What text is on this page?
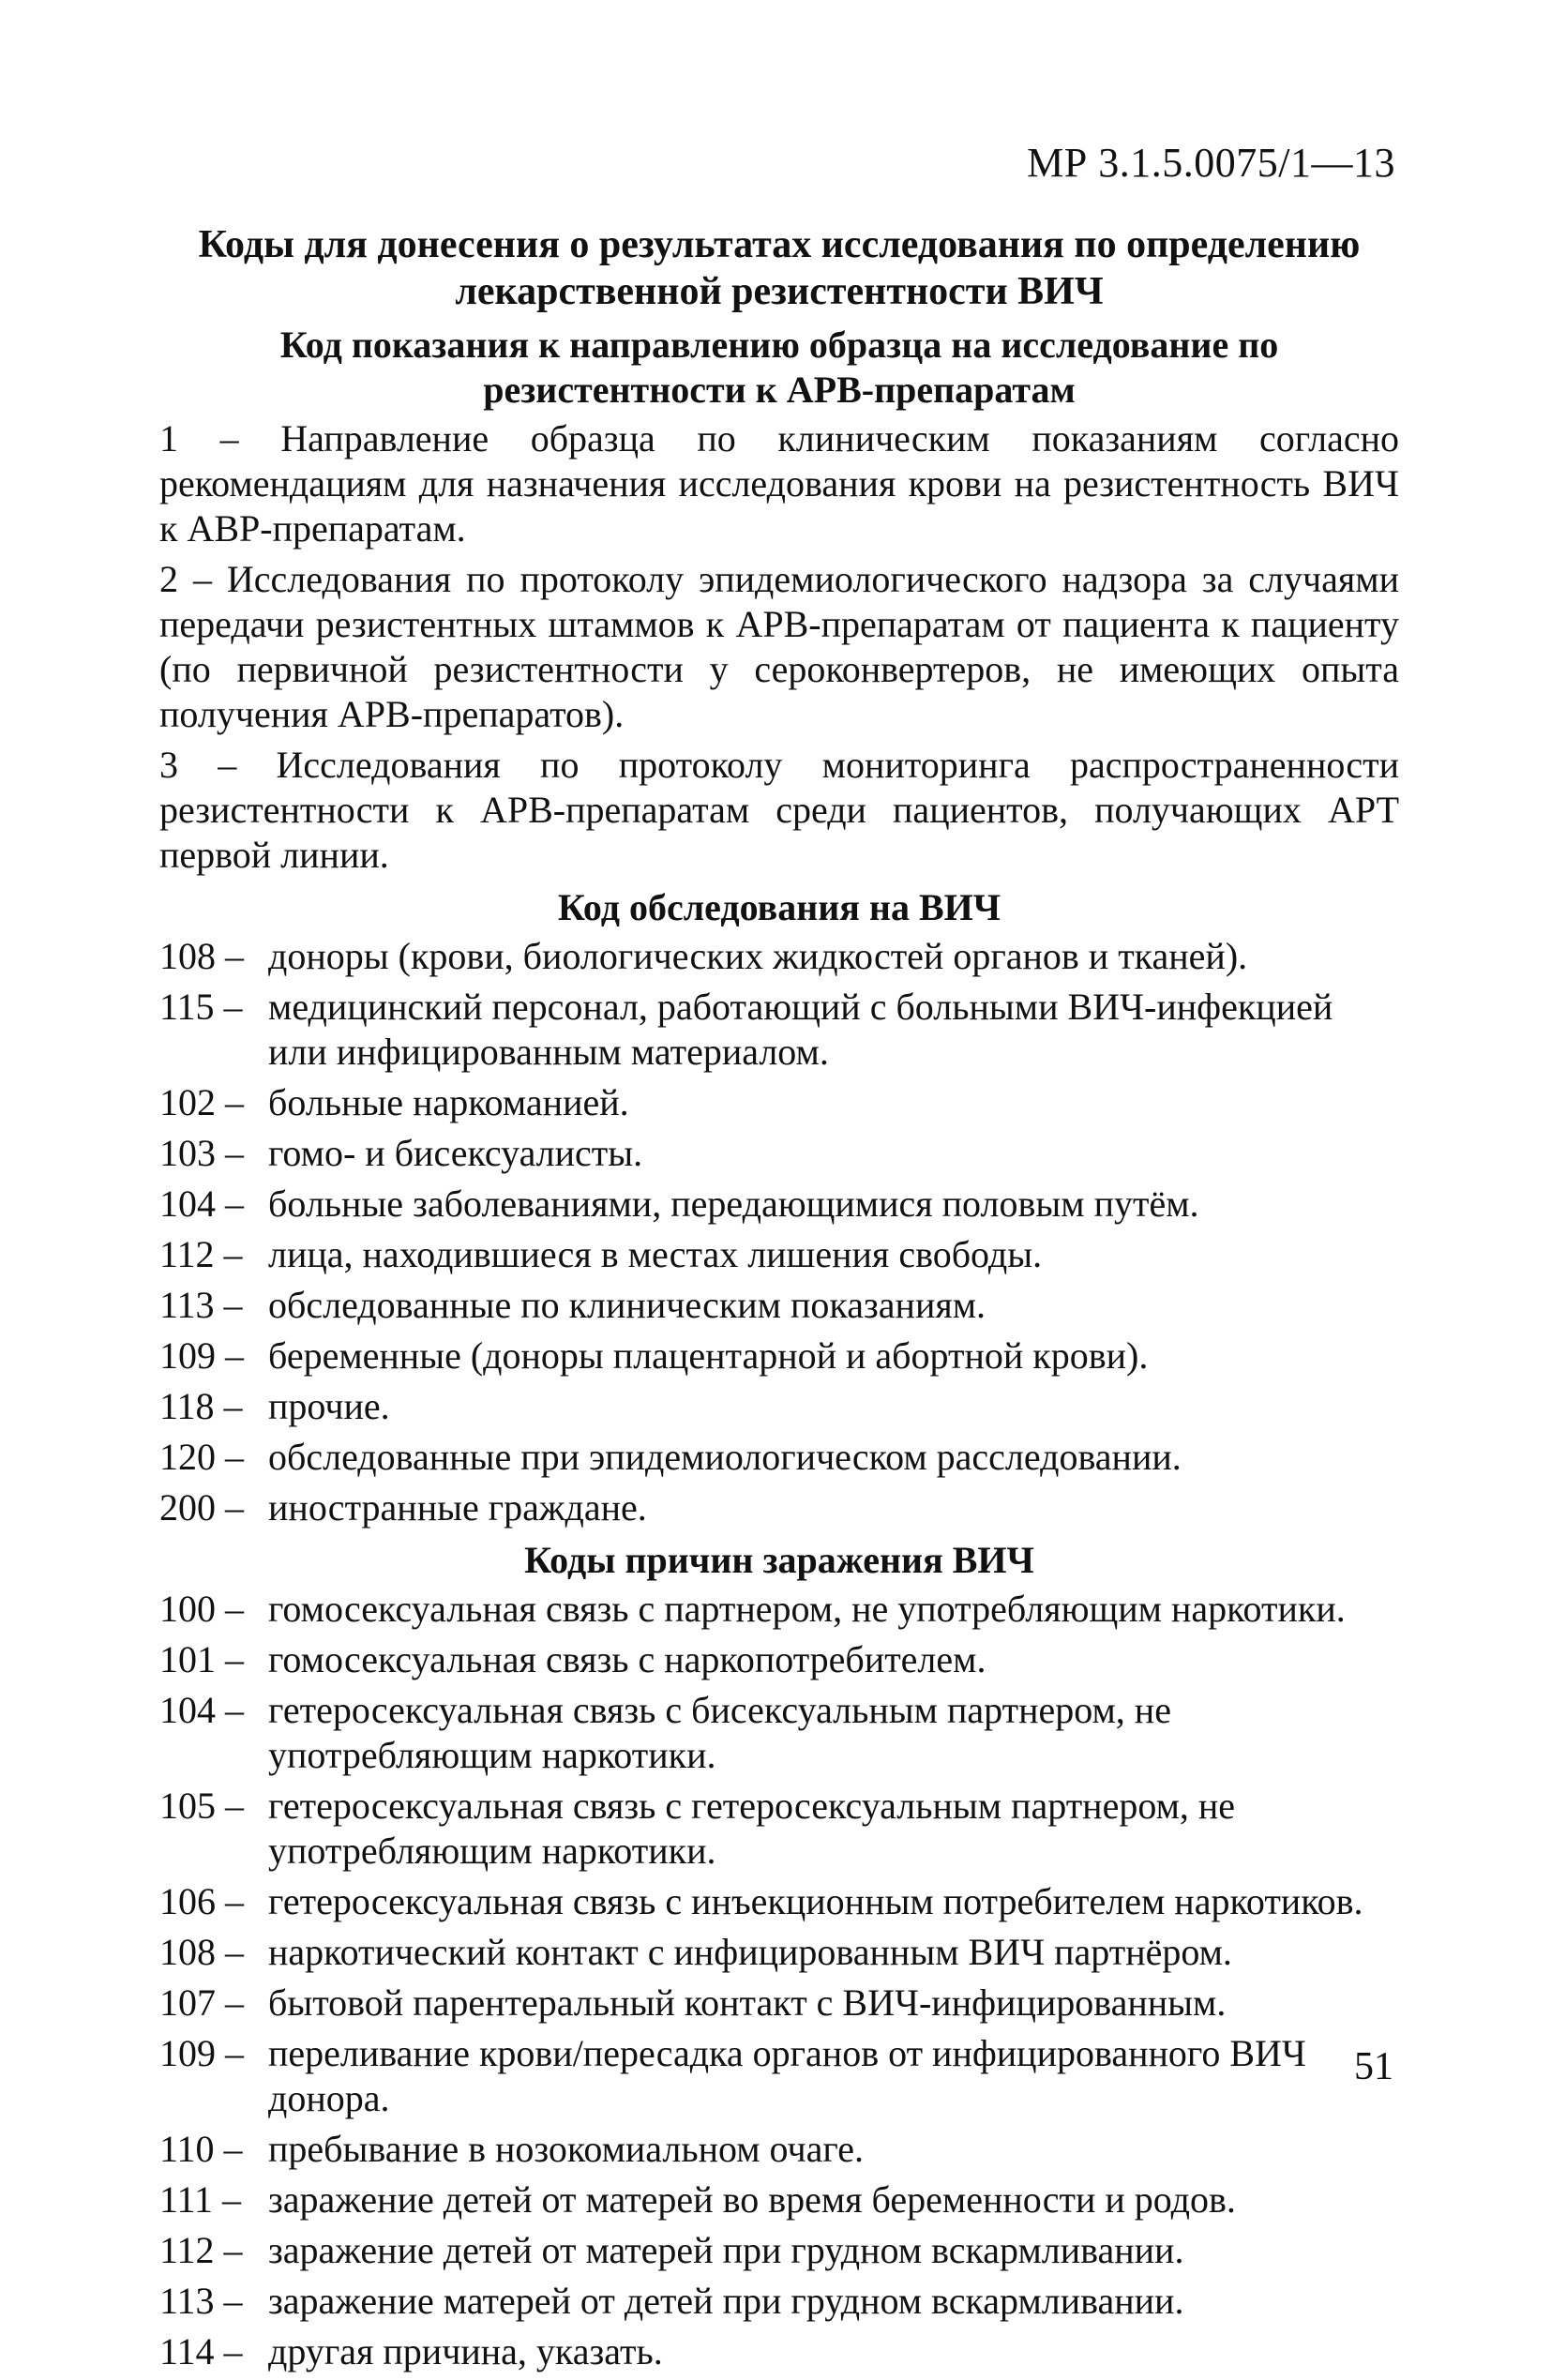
МР 3.1.5.0075/1—13
Коды для донесения о результатах исследования по определению лекарственной резистентности ВИЧ
Код показания к направлению образца на исследование по резистентности к АРВ-препаратам
1 – Направление образца по клиническим показаниям согласно рекомендациям для назначения исследования крови на резистентность ВИЧ к АВР-препаратам.
2 – Исследования по протоколу эпидемиологического надзора за случаями передачи резистентных штаммов к АРВ-препаратам от пациента к пациенту (по первичной резистентности у сероконвертеров, не имеющих опыта получения АРВ-препаратов).
3 – Исследования по протоколу мониторинга распространенности резистентности к АРВ-препаратам среди пациентов, получающих АРТ первой линии.
Код обследования на ВИЧ
108 – доноры (крови, биологических жидкостей органов и тканей).
115 – медицинский персонал, работающий с больными ВИЧ-инфекцией или инфицированным материалом.
102 – больные наркоманией.
103 – гомо- и бисексуалисты.
104 – больные заболеваниями, передающимися половым путём.
112 – лица, находившиеся в местах лишения свободы.
113 – обследованные по клиническим показаниям.
109 – беременные (доноры плацентарной и абортной крови).
118 – прочие.
120 – обследованные при эпидемиологическом расследовании.
200 – иностранные граждане.
Коды причин заражения ВИЧ
100 – гомосексуальная связь с партнером, не употребляющим наркотики.
101 – гомосексуальная связь с наркопотребителем.
104 – гетеросексуальная связь с бисексуальным партнером, не употребляющим наркотики.
105 – гетеросексуальная связь с гетеросексуальным партнером, не употребляющим наркотики.
106 – гетеросексуальная связь с инъекционным потребителем наркотиков.
108 – наркотический контакт с инфицированным ВИЧ партнёром.
107 – бытовой парентеральный контакт с ВИЧ-инфицированным.
109 – переливание крови/пересадка органов от инфицированного ВИЧ донора.
110 – пребывание в нозокомиальном очаге.
111 – заражение детей от матерей во время беременности и родов.
112 – заражение детей от матерей при грудном вскармливании.
113 – заражение матерей от детей при грудном вскармливании.
114 – другая причина, указать.
51
